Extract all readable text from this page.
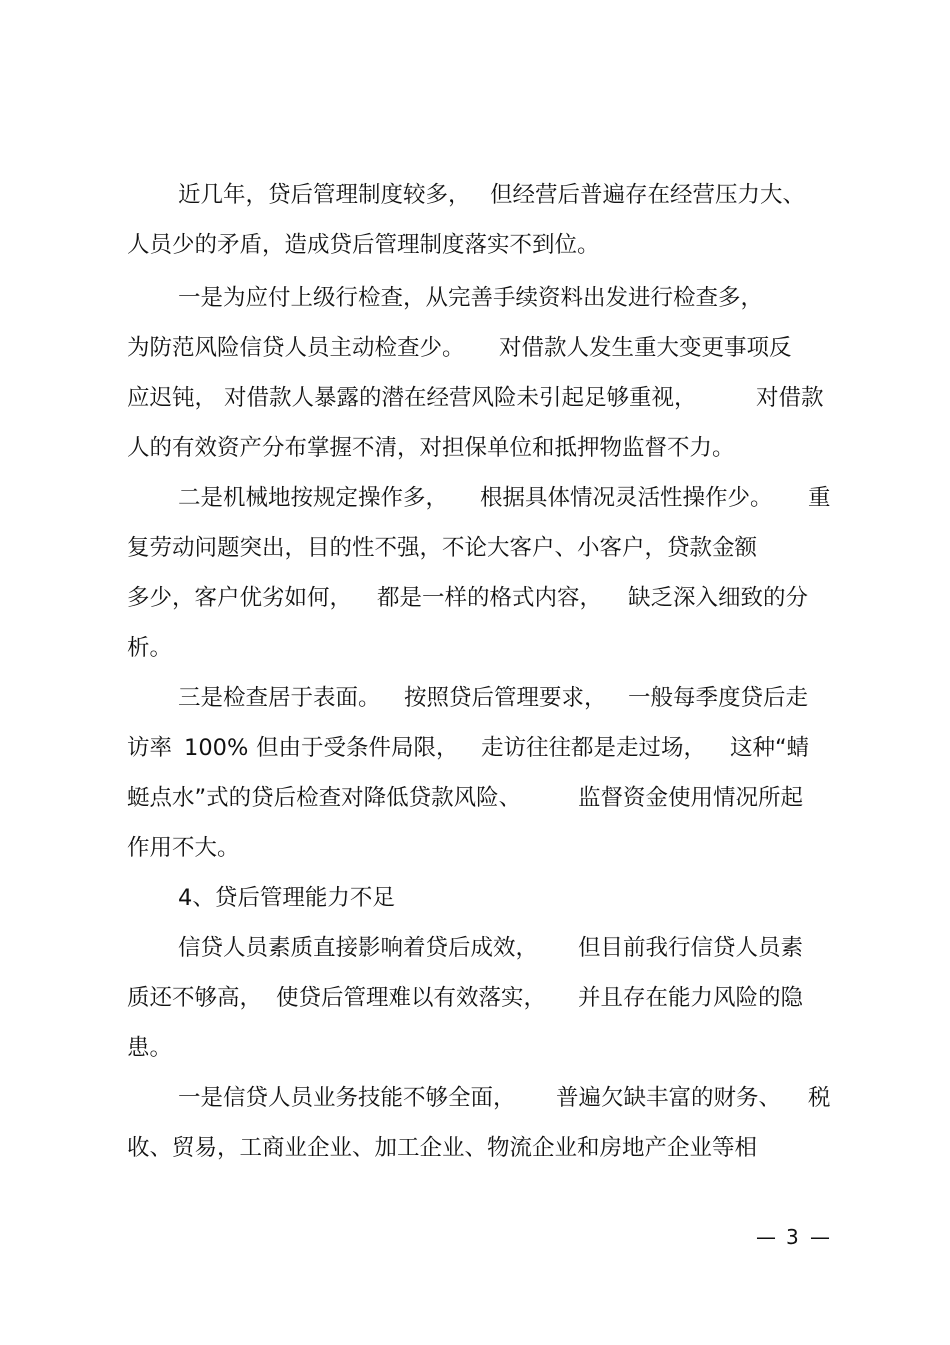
近几年，贷后管理制度较多， 但经营后普遍存在经营压力大、
人员少的矛盾，造成贷后管理制度落实不到位。
一是为应付上级行检查，从完善手续资料出发进行检查多，
为防范风险信贷人员主动检查少。 对借款人发生重大变更事项反
应迟钝， 对借款人暴露的潜在经营风险未引起足够重视，	对借款
人的有效资产分布掌握不清，对担保单位和抵押物监督不力。
二是机械地按规定操作多， 根据具体情况灵活性操作少。 重
复劳动问题突出，目的性不强，不论大客户、小客户，贷款金额
多少，客户优劣如何， 都是一样的格式内容， 缺乏深入细致的分
析。
三是检查居于表面。 按照贷后管理要求， 一般每季度贷后走
访率 100% 但由于受条件局限， 走访往往都是走过场， 这种“蜻
蜓点水”式的贷后检查对降低贷款风险、	监督资金使用情况所起
作用不大。
4、贷后管理能力不足
信贷人员素质直接影响着贷后成效， 但目前我行信贷人员素
质还不够高， 使贷后管理难以有效落实， 并且存在能力风险的隐
患。
一是信贷人员业务技能不够全面， 普遍欠缺丰富的财务、 税
收、贸易，工商业企业、加工企业、物流企业和房地产企业等相
— 3 —
